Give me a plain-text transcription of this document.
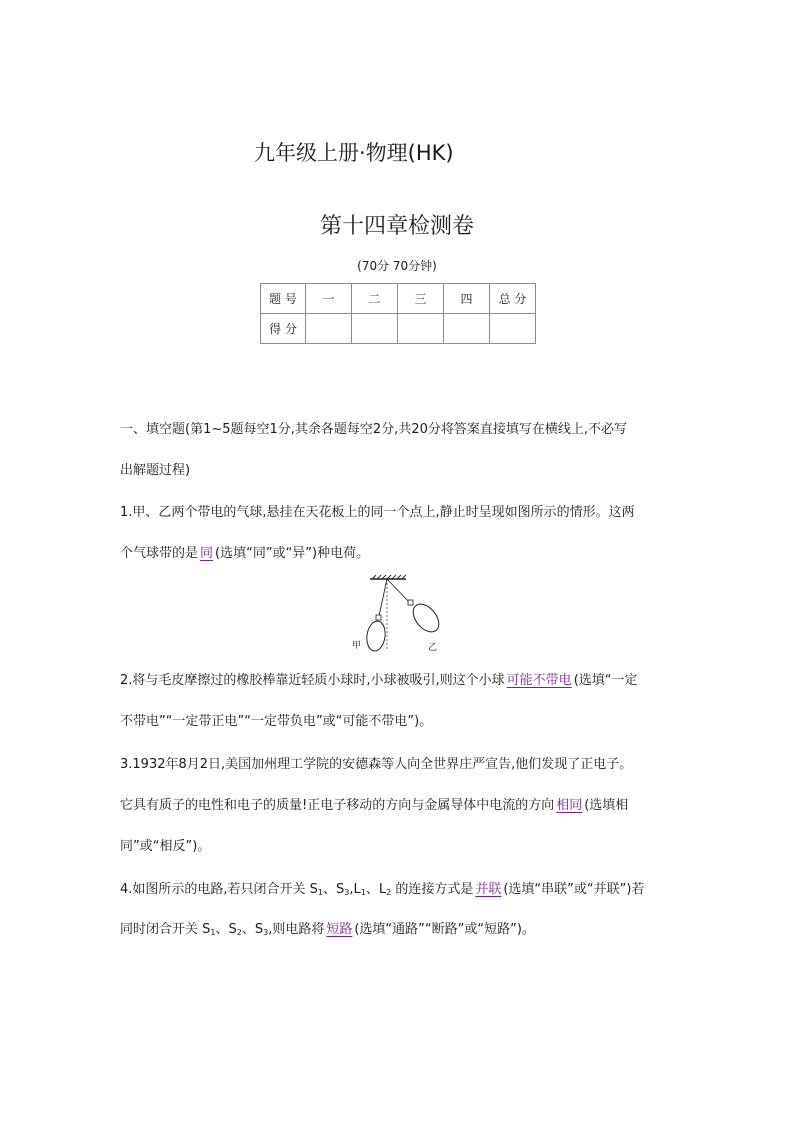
九年级上册·物理(HK)
第十四章检测卷
(70分 70分钟)
题 号	一	二	三	四	总 分
得 分					
一、填空题(第1~5题每空1分,其余各题每空2分,共20分将答案直接填写在横线上,不必写
出解题过程)
1.甲、乙两个带电的气球,悬挂在天花板上的同一个点上,静止时呈现如图所示的情形。这两
个气球带的是 同 (选填“同”或“异”)种电荷。
甲	乙
2.将与毛皮摩擦过的橡胶棒靠近轻质小球时,小球被吸引,则这个小球 可能不带电 (选填“一定
不带电”“一定带正电”“一定带负电”或“可能不带电”)。
3.1932年8月2日,美国加州理工学院的安德森等人向全世界庄严宣告,他们发现了正电子。
它具有质子的电性和电子的质量!正电子移动的方向与金属导体中电流的方向 相同 (选填相
同”或“相反”)。
4.如图所示的电路,若只闭合开关 $S_1$、$S_3,L_1$、$L_2$ 的连接方式是 并联 (选填“串联”或“并联”)若
同时闭合开关 $S_1$、$S_2$、$S_3$,则电路将 短路 (选填“通路”“断路”或“短路”)。
